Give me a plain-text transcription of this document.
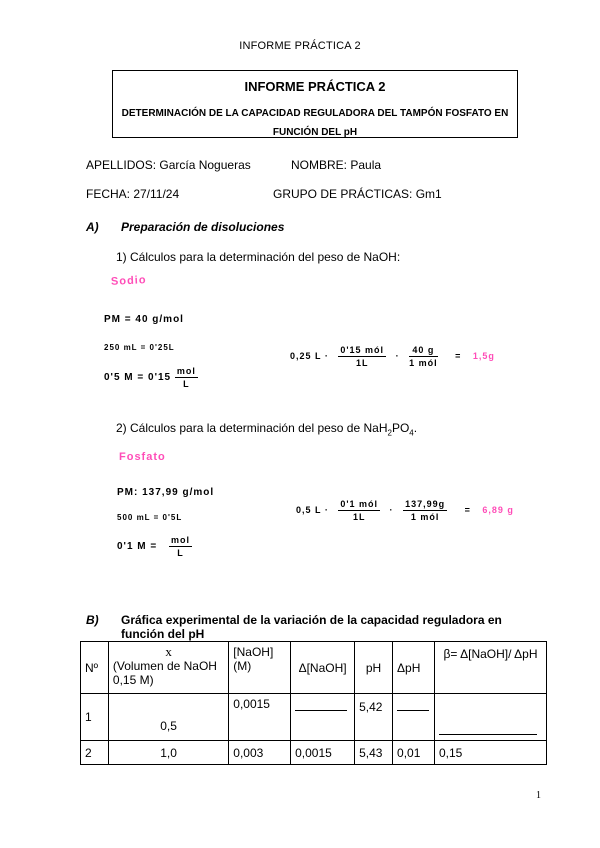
INFORME PRÁCTICA 2
INFORME PRÁCTICA 2
DETERMINACIÓN DE LA CAPACIDAD REGULADORA DEL TAMPÓN FOSFATO EN
FUNCIÓN DEL pH
APELLIDOS: García Nogueras	NOMBRE: Paula
FECHA: 27/11/24	GRUPO DE PRÁCTICAS: Gm1
A) Preparación de disoluciones
1) Cálculos para la determinación del peso de NaOH:
Sodio
PM = 40 g/mol
250 mL = 0'25L
0'5 $M = 0'15 \frac{\text{mol}}{L}$
0,25 $L \cdot \frac{\text{0'15 mól}}{1L} \cdot \frac{40 g}{\text{1 mól}} = 1,5g$
2) Cálculos para la determinación del peso de $NaH_2PO_4$.
Fosfato
PM: 137,99 g/mol
500 mL = 0'5L
0'1 $M = \frac{\text{mol}}{L}$
0,5 $L \cdot \frac{\text{0'1 mól}}{1L} \cdot \frac{137,99g}{\text{1 mól}} = 6,89$ g
B) Gráfica experimental de la variación de la capacidad reguladora en
función del pH
Nº	x
(Volumen de NaOH 0,15 M)	[NaOH] (M)	Δ[NaOH]	pH	ΔpH	β= Δ[NaOH]/ ΔpH
1	0,5	0,0015		5,42		
2	1,0	0,003	0,0015	5,43	0,01	0,15
1
